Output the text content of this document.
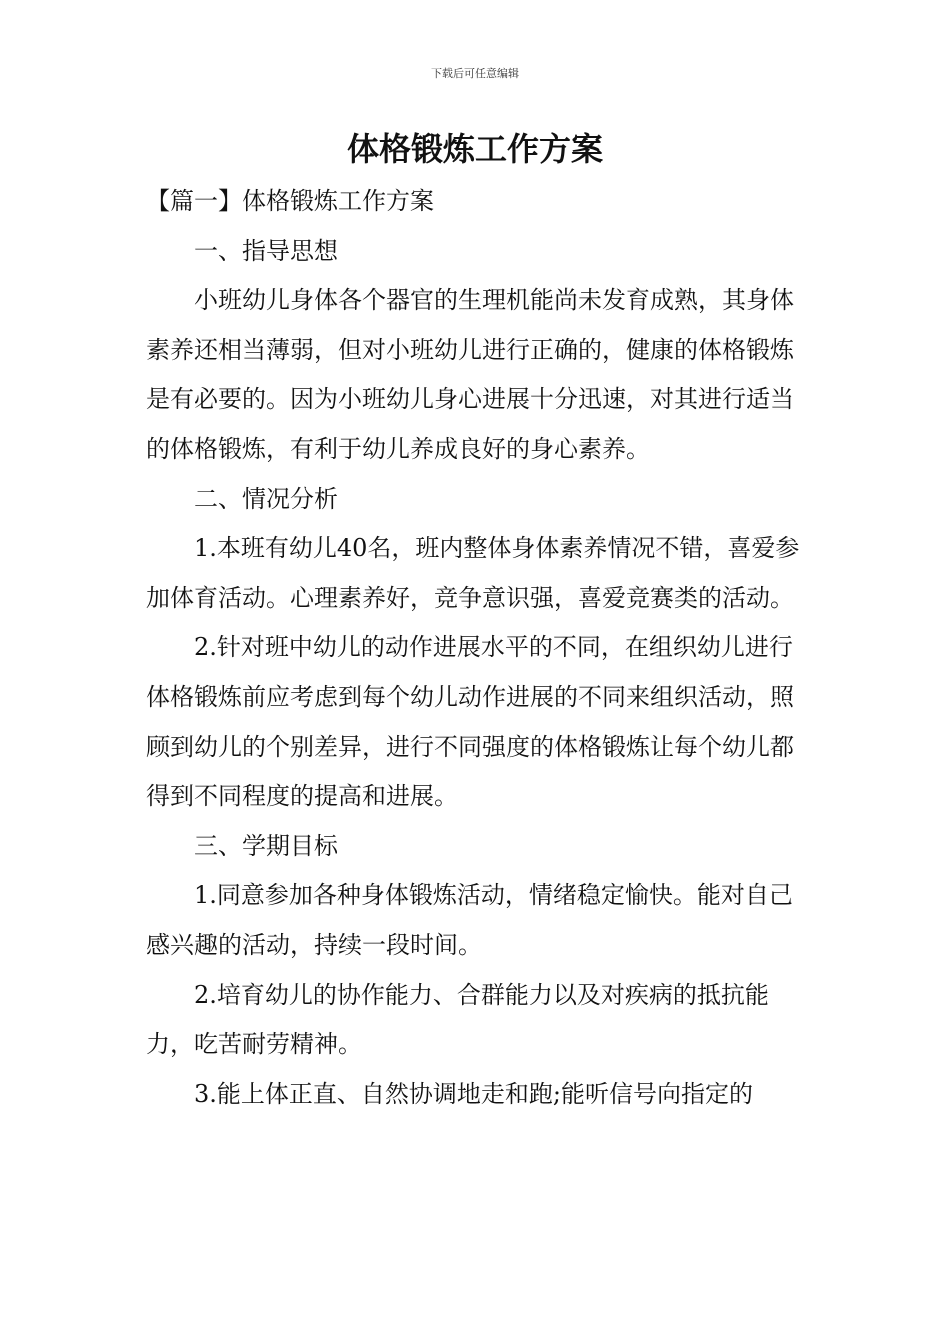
下载后可任意编辑
体格锻炼工作方案

【篇一】体格锻炼工作方案

一、指导思想

小班幼儿身体各个器官的生理机能尚未发育成熟，其身体素养还相当薄弱，但对小班幼儿进行正确的，健康的体格锻炼是有必要的。因为小班幼儿身心进展十分迅速，对其进行适当的体格锻炼，有利于幼儿养成良好的身心素养。

二、情况分析

1.本班有幼儿40名，班内整体身体素养情况不错，喜爱参加体育活动。心理素养好，竞争意识强，喜爱竞赛类的活动。

2.针对班中幼儿的动作进展水平的不同，在组织幼儿进行体格锻炼前应考虑到每个幼儿动作进展的不同来组织活动，照顾到幼儿的个别差异，进行不同强度的体格锻炼让每个幼儿都得到不同程度的提高和进展。

三、学期目标

1.同意参加各种身体锻炼活动，情绪稳定愉快。能对自己感兴趣的活动，持续一段时间。

2.培育幼儿的协作能力、合群能力以及对疾病的抵抗能力，吃苦耐劳精神。

3.能上体正直、自然协调地走和跑;能听信号向指定的
